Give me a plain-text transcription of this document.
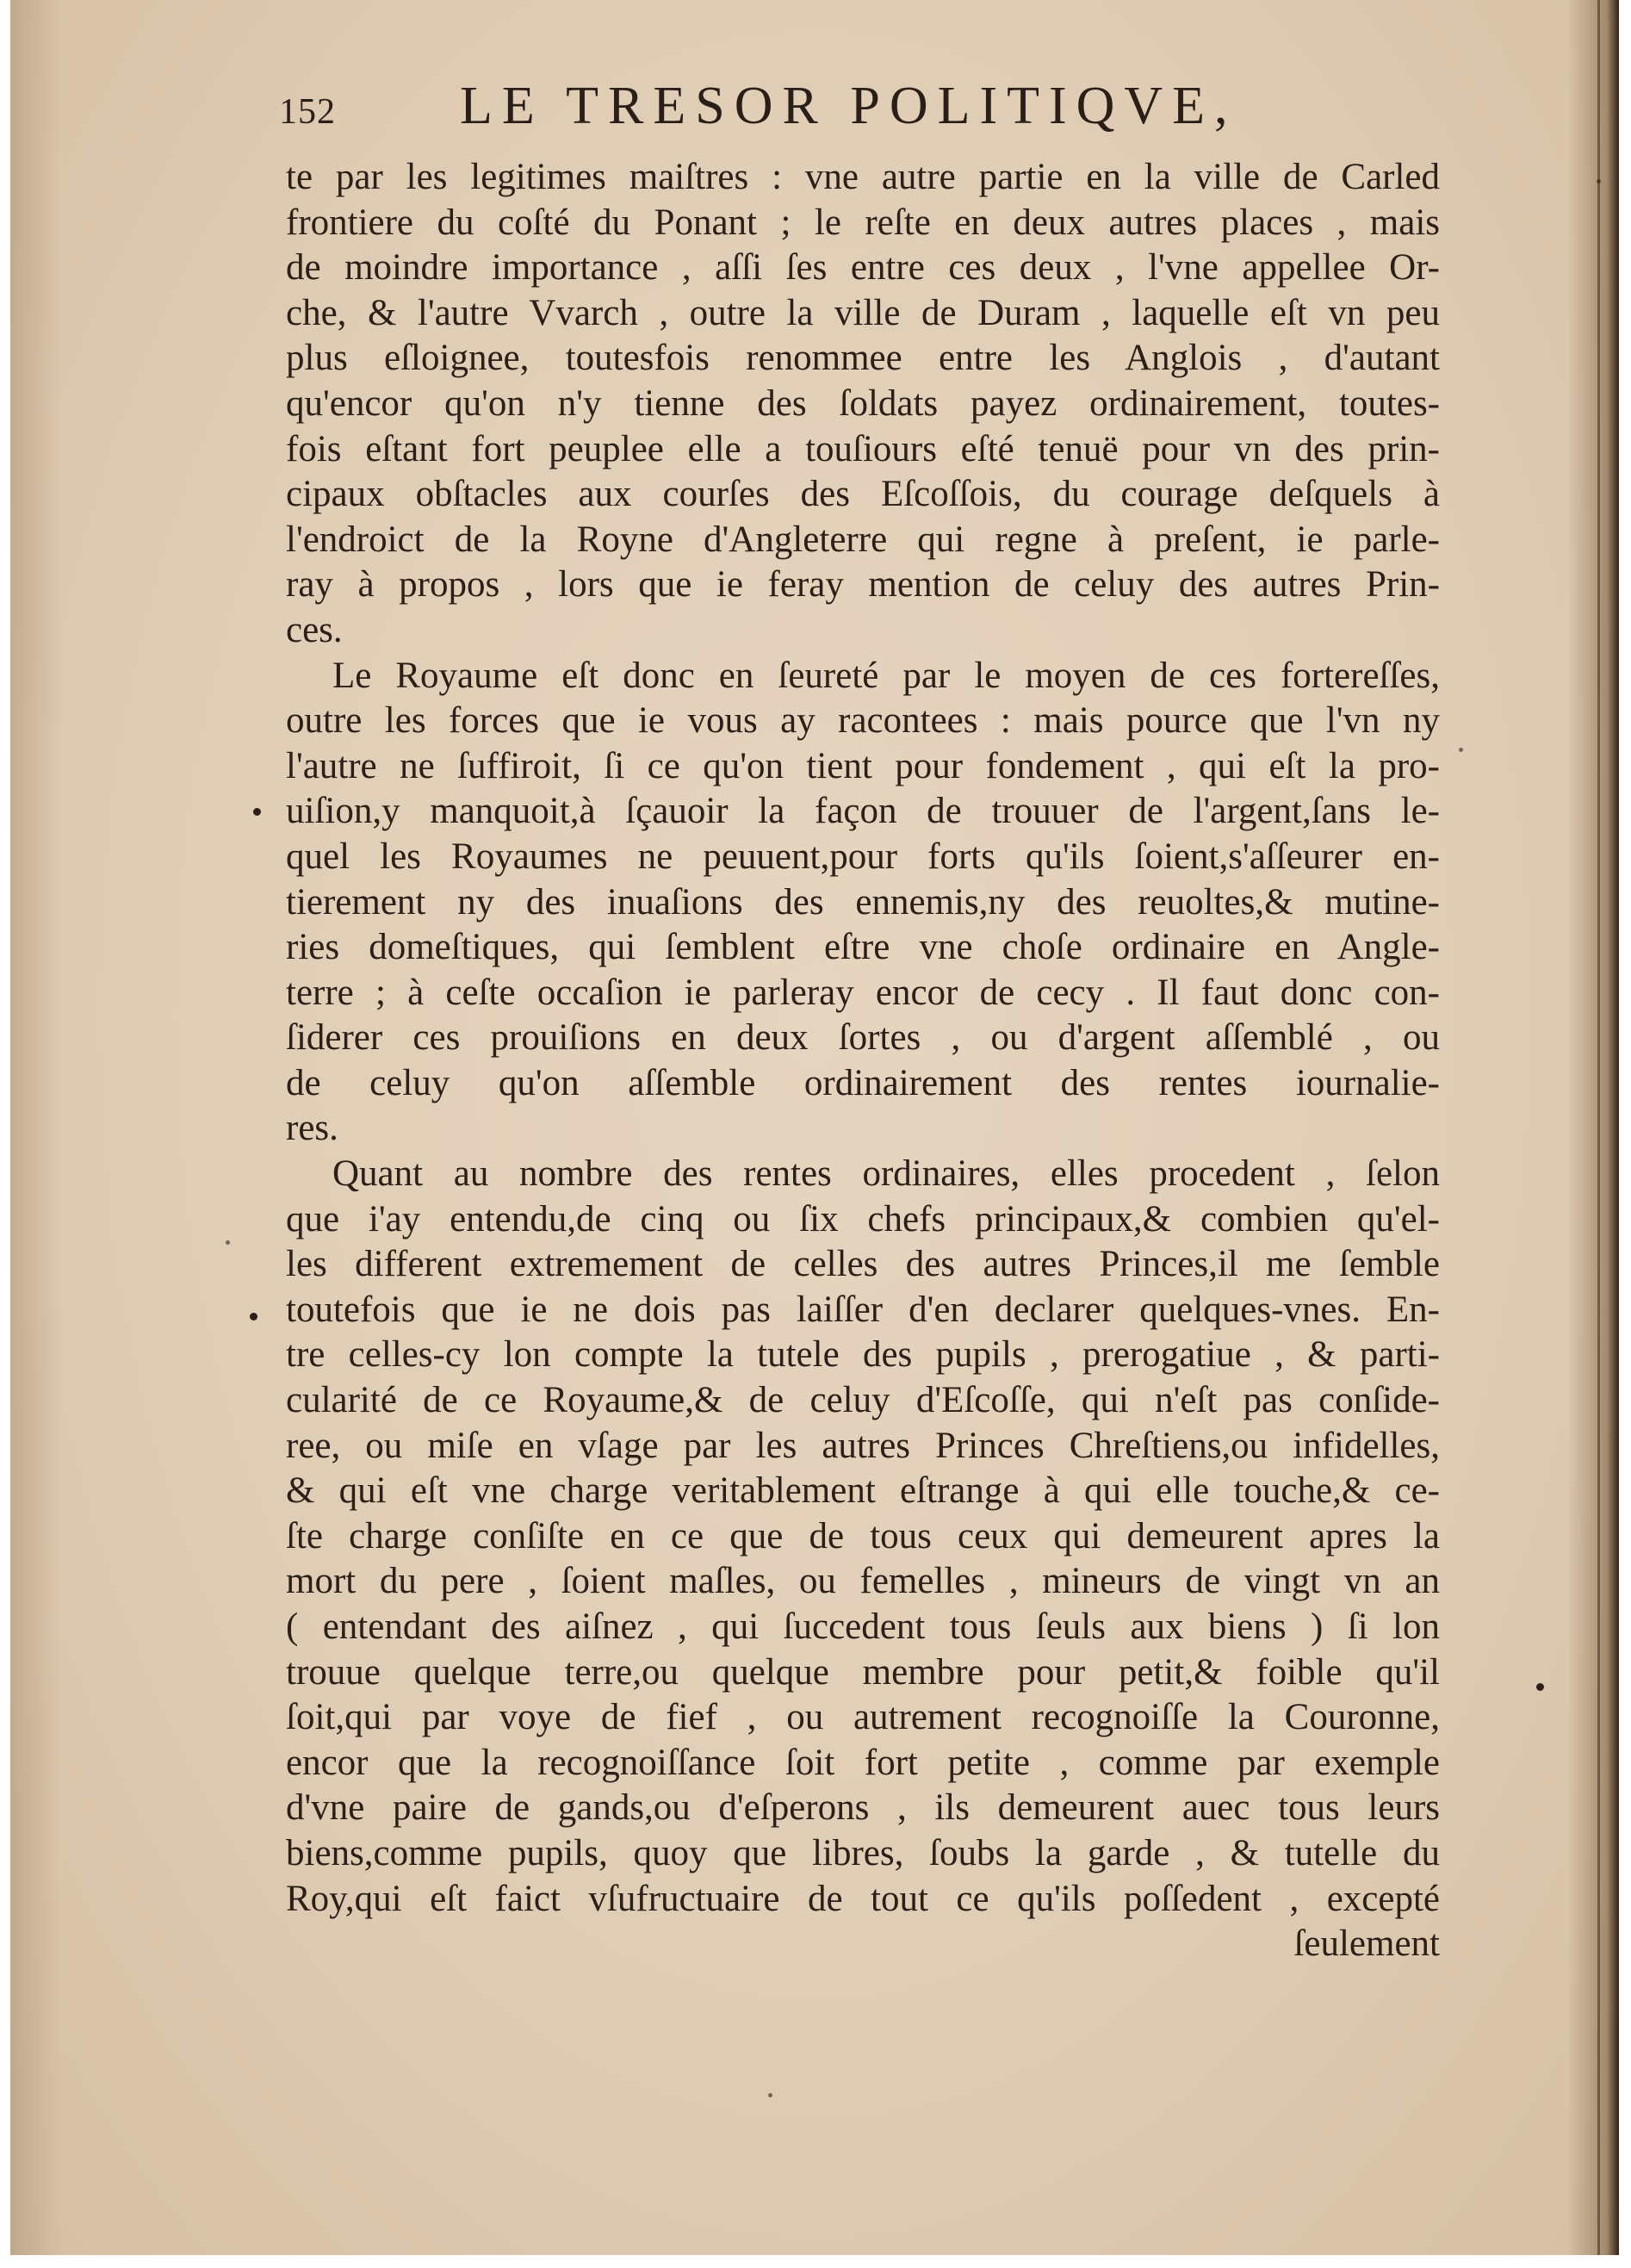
152 LE TRESOR POLITIQVE,
te par les legitimes maiſtres : vne autre partie en la ville de Carled
frontiere du coſté du Ponant ; le reſte en deux autres places , mais
de moindre importance , aſſi ſes entre ces deux , l'vne appellee Or-
che, & l'autre Vvarch , outre la ville de Duram , laquelle eſt vn peu
plus eſloignee, toutesfois renommee entre les Anglois , d'autant
qu'encor qu'on n'y tienne des ſoldats payez ordinairement, toutes-
fois eſtant fort peuplee elle a touſiours eſté tenuë pour vn des prin-
cipaux obſtacles aux courſes des Eſcoſſois, du courage deſquels à
l'endroict de la Royne d'Angleterre qui regne à preſent, ie parle-
ray à propos , lors que ie feray mention de celuy des autres Prin-
ces.
Le Royaume eſt donc en ſeureté par le moyen de ces fortereſſes,
outre les forces que ie vous ay racontees : mais pource que l'vn ny
l'autre ne ſuffiroit, ſi ce qu'on tient pour fondement , qui eſt la pro-
uiſion,y manquoit,à ſçauoir la façon de trouuer de l'argent,ſans le-
quel les Royaumes ne peuuent,pour forts qu'ils ſoient,s'aſſeurer en-
tierement ny des inuaſions des ennemis,ny des reuoltes,& mutine-
ries domeſtiques, qui ſemblent eſtre vne choſe ordinaire en Angle-
terre ; à ceſte occaſion ie parleray encor de cecy . Il faut donc con-
ſiderer ces prouiſions en deux ſortes , ou d'argent aſſemblé , ou
de celuy qu'on aſſemble ordinairement des rentes iournalie-
res.
Quant au nombre des rentes ordinaires, elles procedent , ſelon
que i'ay entendu,de cinq ou ſix chefs principaux,& combien qu'el-
les different extremement de celles des autres Princes,il me ſemble
toutefois que ie ne dois pas laiſſer d'en declarer quelques-vnes. En-
tre celles-cy lon compte la tutele des pupils , prerogatiue , & parti-
cularité de ce Royaume,& de celuy d'Eſcoſſe, qui n'eſt pas conſide-
ree, ou miſe en vſage par les autres Princes Chreſtiens,ou infidelles,
& qui eſt vne charge veritablement eſtrange à qui elle touche,& ce-
ſte charge conſiſte en ce que de tous ceux qui demeurent apres la
mort du pere , ſoient maſles, ou femelles , mineurs de vingt vn an
( entendant des aiſnez , qui ſuccedent tous ſeuls aux biens ) ſi lon
trouue quelque terre,ou quelque membre pour petit,& foible qu'il
ſoit,qui par voye de fief , ou autrement recognoiſſe la Couronne,
encor que la recognoiſſance ſoit fort petite , comme par exemple
d'vne paire de gands,ou d'eſperons , ils demeurent auec tous leurs
biens,comme pupils, quoy que libres, ſoubs la garde , & tutelle du
Roy,qui eſt faict vſufructuaire de tout ce qu'ils poſſedent , excepté
ſeulement
